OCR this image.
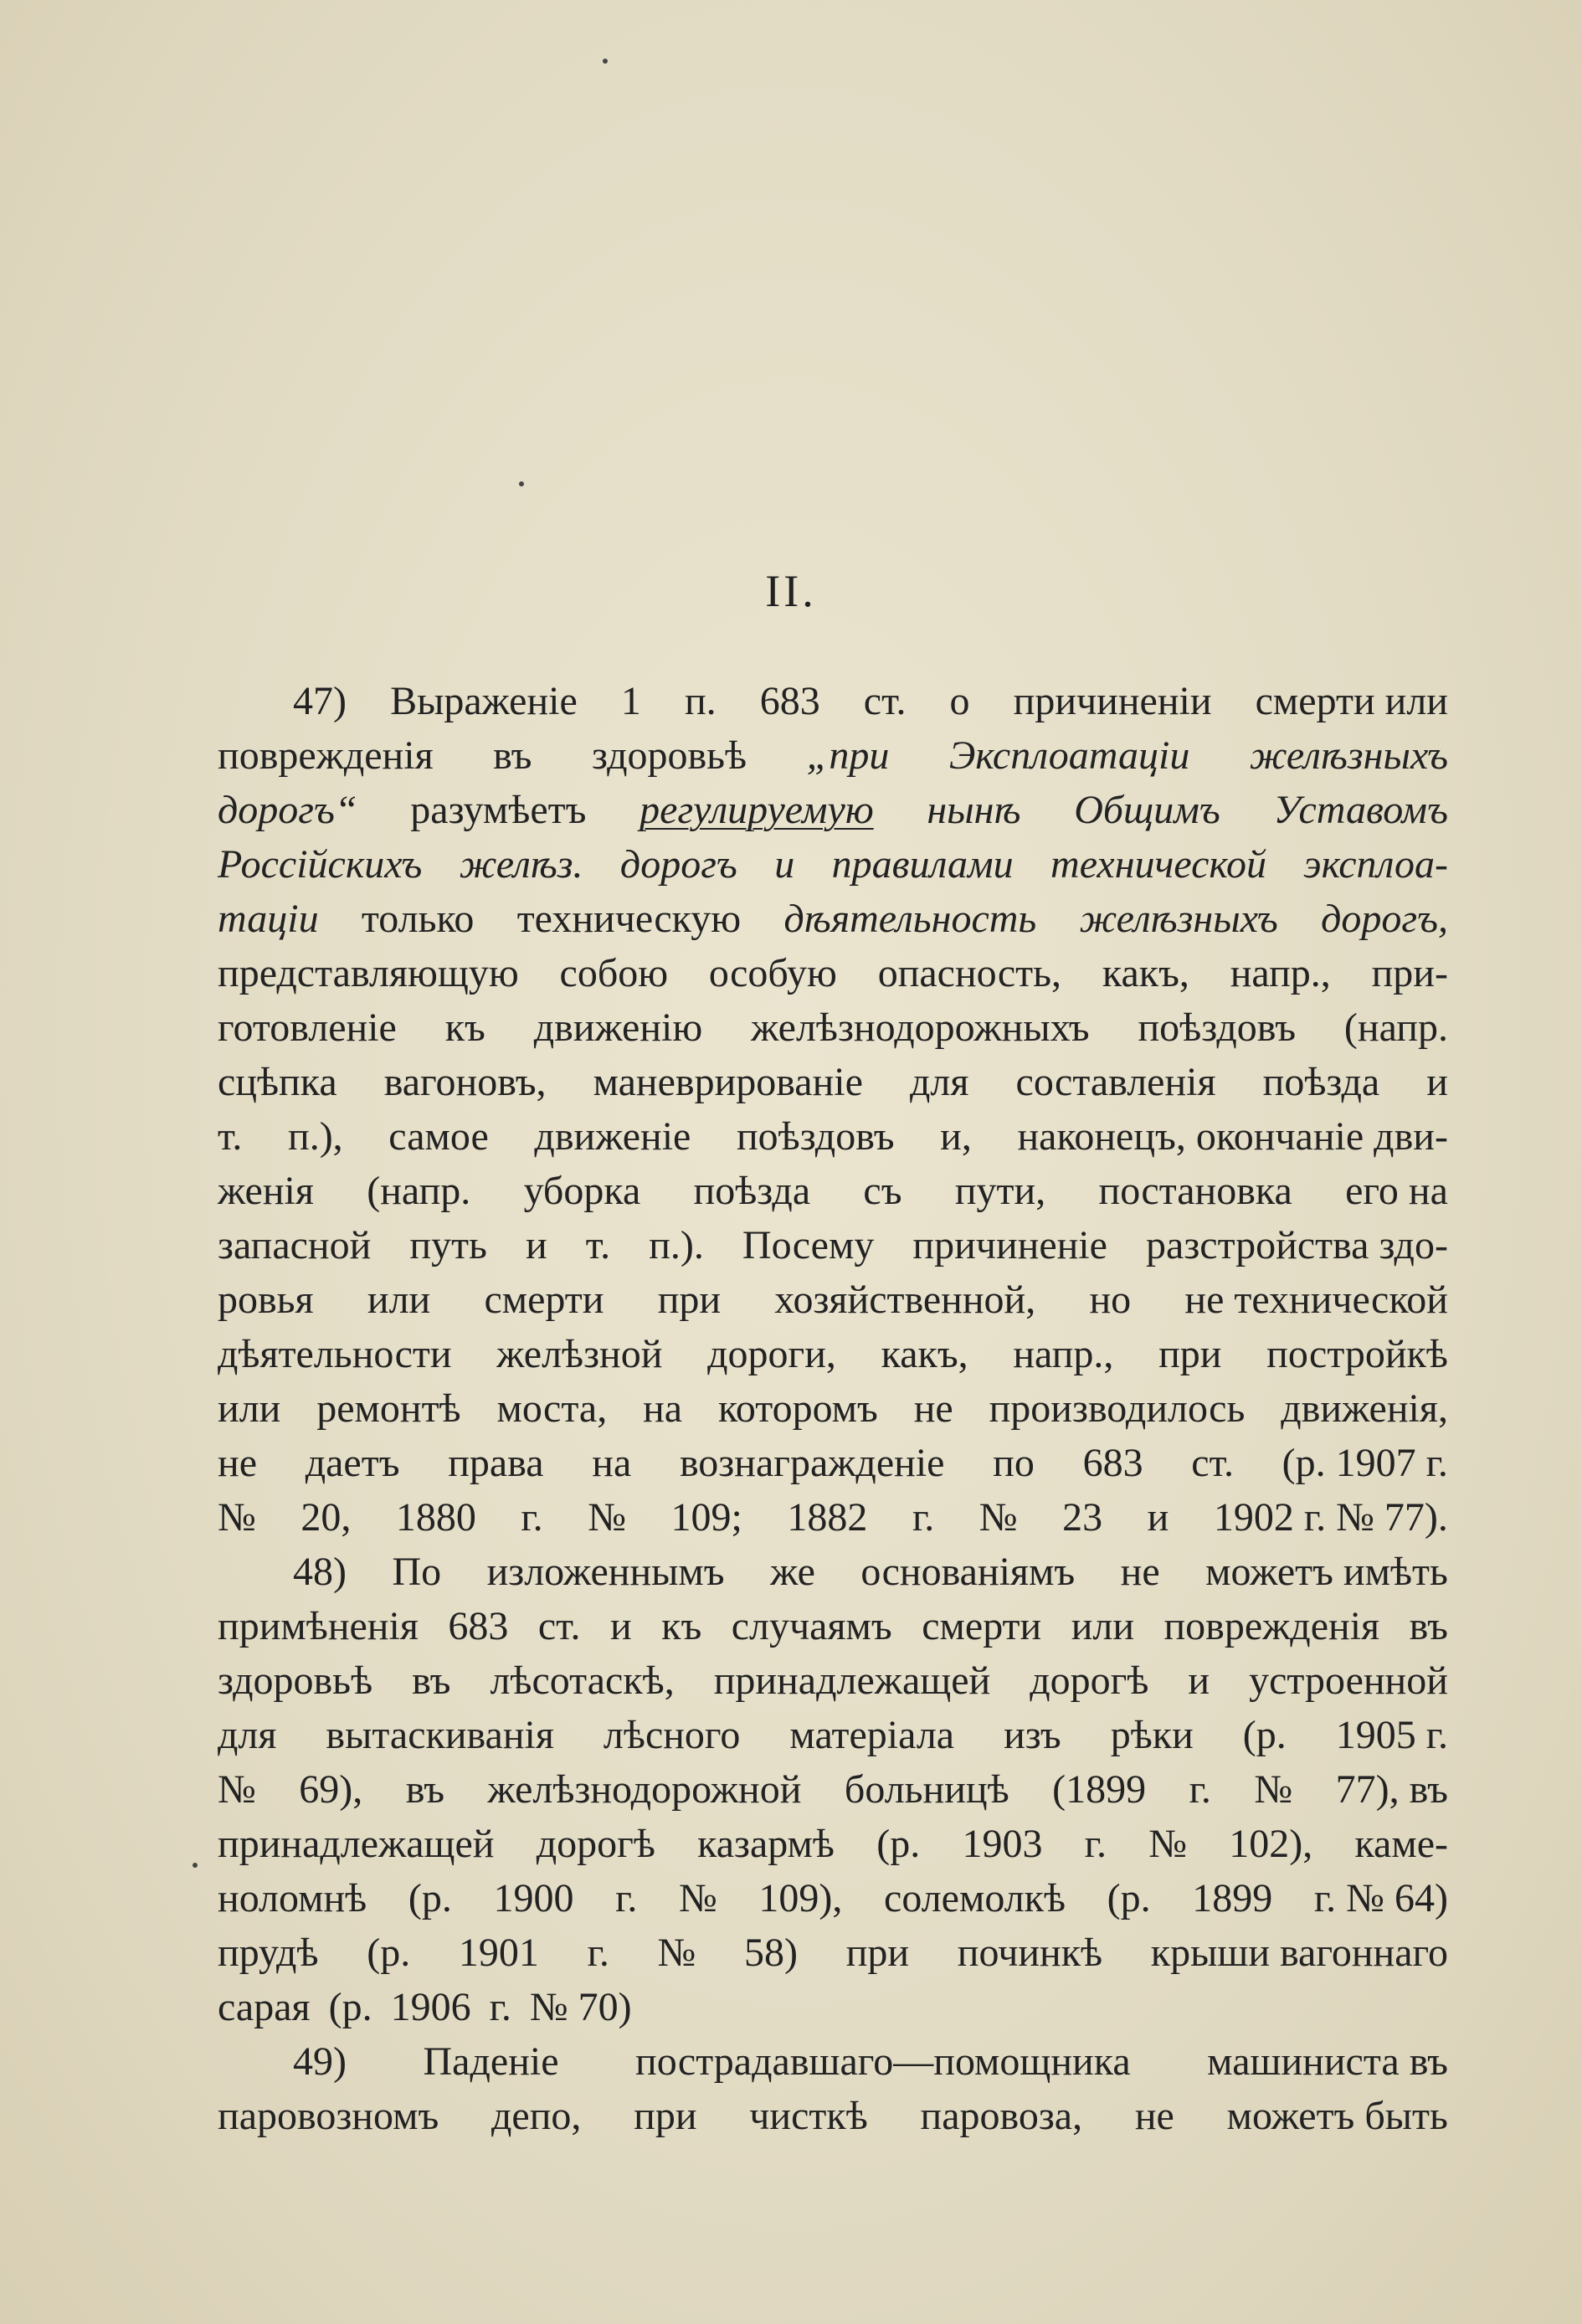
II.
47) Выраженіе 1 п. 683 ст. о причиненіи смерти или
поврежденія въ здоровьѣ „при Эксплоатаціи желѣзныхъ
дорогъ“ разумѣетъ регулируемую нынѣ Общимъ Уставомъ
Россійскихъ желѣз. дорогъ и правилами технической эксплоа-
таціи только техническую дѣятельность желѣзныхъ дорогъ,
представляющую собою особую опасность, какъ, напр., при-
готовленіе къ движенію желѣзнодорожныхъ поѣздовъ (напр.
сцѣпка вагоновъ, маневрированіе для составленія поѣзда и
т. п.), самое движеніе поѣздовъ и, наконецъ, окончаніе дви-
женія (напр. уборка поѣзда съ пути, постановка его на
запасной путь и т. п.). Посему причиненіе разстройства здо-
ровья или смерти при хозяйственной, но не технической
дѣятельности желѣзной дороги, какъ, напр., при постройкѣ
или ремонтѣ моста, на которомъ не производилось движенія,
не даетъ права на вознагражденіе по 683 ст. (р. 1907 г.
№ 20, 1880 г. № 109; 1882 г. № 23 и 1902 г. № 77).
48) По изложеннымъ же основаніямъ не можетъ имѣть
примѣненія 683 ст. и къ случаямъ смерти или поврежденія въ
здоровьѣ въ лѣсотаскѣ, принадлежащей дорогѣ и устроенной
для вытаскиванія лѣсного матеріала изъ рѣки (р. 1905 г.
№ 69), въ желѣзнодорожной больницѣ (1899 г. № 77), въ
принадлежащей дорогѣ казармѣ (р. 1903 г. № 102), каме-
ноломнѣ (р. 1900 г. № 109), солемолкѣ (р. 1899 г. № 64)
прудѣ (р. 1901 г. № 58) при починкѣ крыши вагоннаго
сарая (р. 1906 г. № 70)
49) Паденіе пострадавшаго—помощника машиниста въ
паровозномъ депо, при чисткѣ паровоза, не можетъ быть
